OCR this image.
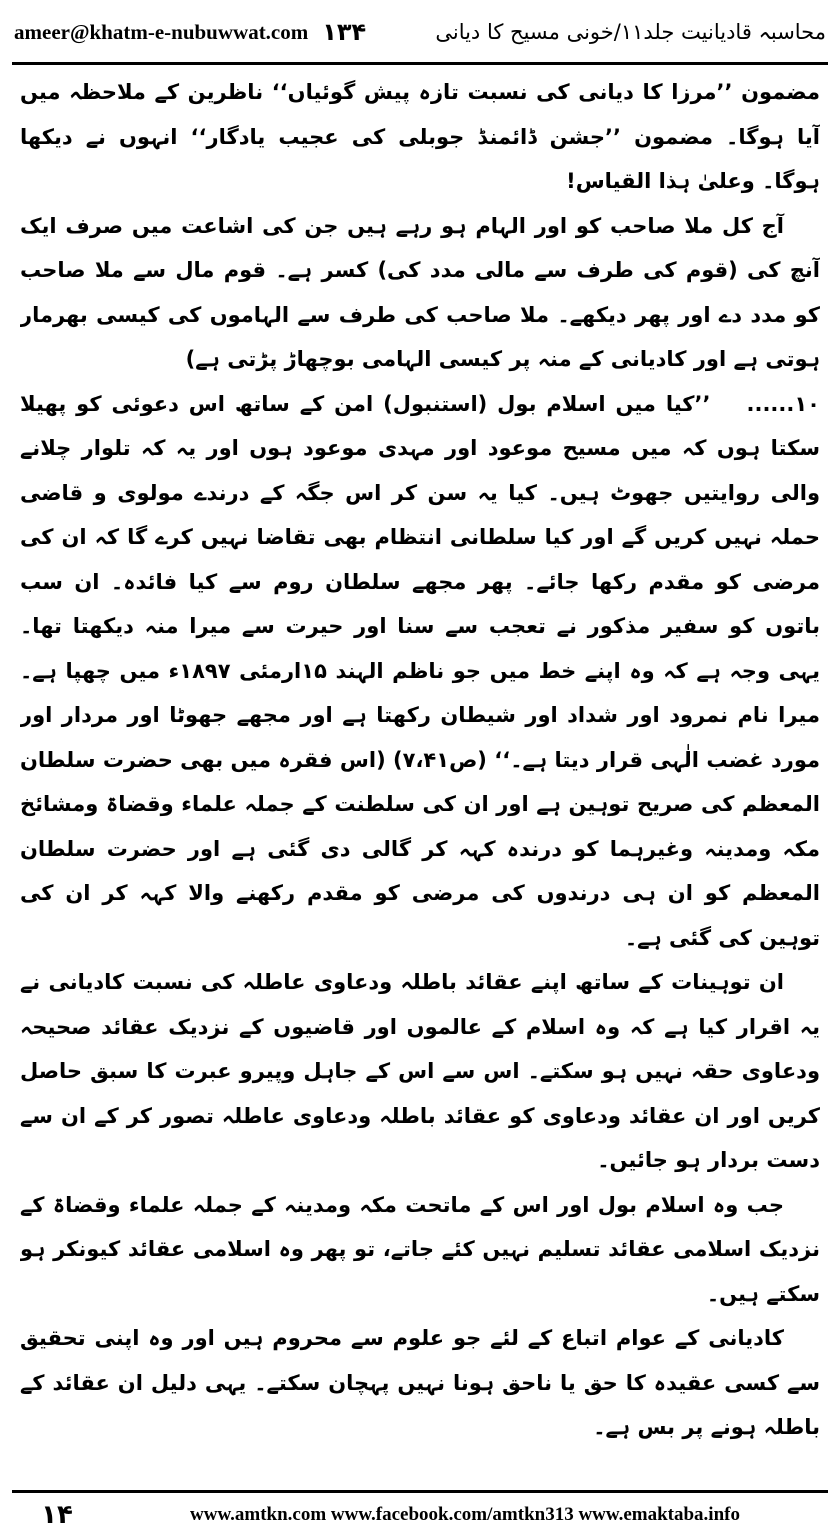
ameer@khatm-e-nubuwwat.com ۱۳۴	محاسبہ قادیانیت جلد۱۱/خونی مسیح کا دیانی

مضمون ’’مرزا کا دیانی کی نسبت تازہ پیش گوئیاں‘‘ ناظرین کے ملاحظہ میں آیا ہوگا۔ مضمون ’’جشن ڈائمنڈ جوبلی کی عجیب یادگار‘‘ انہوں نے دیکھا ہوگا۔ وعلیٰ ہذا القیاس!

آج کل ملا صاحب کو اور الہام ہو رہے ہیں جن کی اشاعت میں صرف ایک آنچ کی (قوم کی طرف سے مالی مدد کی) کسر ہے۔ قوم مال سے ملا صاحب کو مدد دے اور پھر دیکھے۔ ملا صاحب کی طرف سے الہاموں کی کیسی بھرمار ہوتی ہے اور کادیانی کے منہ پر کیسی الہامی بوچھاڑ پڑتی ہے)

۱۰......’’کیا میں اسلام بول (استنبول) امن کے ساتھ اس دعوئی کو پھیلا سکتا ہوں کہ میں مسیح موعود اور مہدی موعود ہوں اور یہ کہ تلوار چلانے والی روایتیں جھوٹ ہیں۔ کیا یہ سن کر اس جگہ کے درندے مولوی و قاضی حملہ نہیں کریں گے اور کیا سلطانی انتظام بھی تقاضا نہیں کرے گا کہ ان کی مرضی کو مقدم رکھا جائے۔ پھر مجھے سلطان روم سے کیا فائدہ۔ ان سب باتوں کو سفیر مذکور نے تعجب سے سنا اور حیرت سے میرا منہ دیکھتا تھا۔ یہی وجہ ہے کہ وہ اپنے خط میں جو ناظم الہند ۱۵ارمئی ۱۸۹۷ء میں چھپا ہے۔ میرا نام نمرود اور شداد اور شیطان رکھتا ہے اور مجھے جھوٹا اور مردار اور مورد غضب الٰہی قرار دیتا ہے۔‘‘ (ص۷،۴۱) (اس فقرہ میں بھی حضرت سلطان المعظم کی صریح توہین ہے اور ان کی سلطنت کے جملہ علماء وقضاۃ ومشائخ مکہ ومدینہ وغیرہما کو درندہ کہہ کر گالی دی گئی ہے اور حضرت سلطان المعظم کو ان ہی درندوں کی مرضی کو مقدم رکھنے والا کہہ کر ان کی توہین کی گئی ہے۔

ان توہینات کے ساتھ اپنے عقائد باطلہ ودعاوی عاطلہ کی نسبت کادیانی نے یہ اقرار کیا ہے کہ وہ اسلام کے عالموں اور قاضیوں کے نزدیک عقائد صحیحہ ودعاوی حقہ نہیں ہو سکتے۔ اس سے اس کے جاہل وپیرو عبرت کا سبق حاصل کریں اور ان عقائد ودعاوی کو عقائد باطلہ ودعاوی عاطلہ تصور کر کے ان سے دست بردار ہو جائیں۔

جب وہ اسلام بول اور اس کے ماتحت مکہ ومدینہ کے جملہ علماء وقضاۃ کے نزدیک اسلامی عقائد تسلیم نہیں کئے جاتے، تو پھر وہ اسلامی عقائد کیونکر ہو سکتے ہیں۔

کادیانی کے عوام اتباع کے لئے جو علوم سے محروم ہیں اور وہ اپنی تحقیق سے کسی عقیدہ کا حق یا ناحق ہونا نہیں پہچان سکتے۔ یہی دلیل ان عقائد کے باطلہ ہونے پر بس ہے۔

۱۴	www.amtkn.com www.facebook.com/amtkn313 www.emaktaba.info
